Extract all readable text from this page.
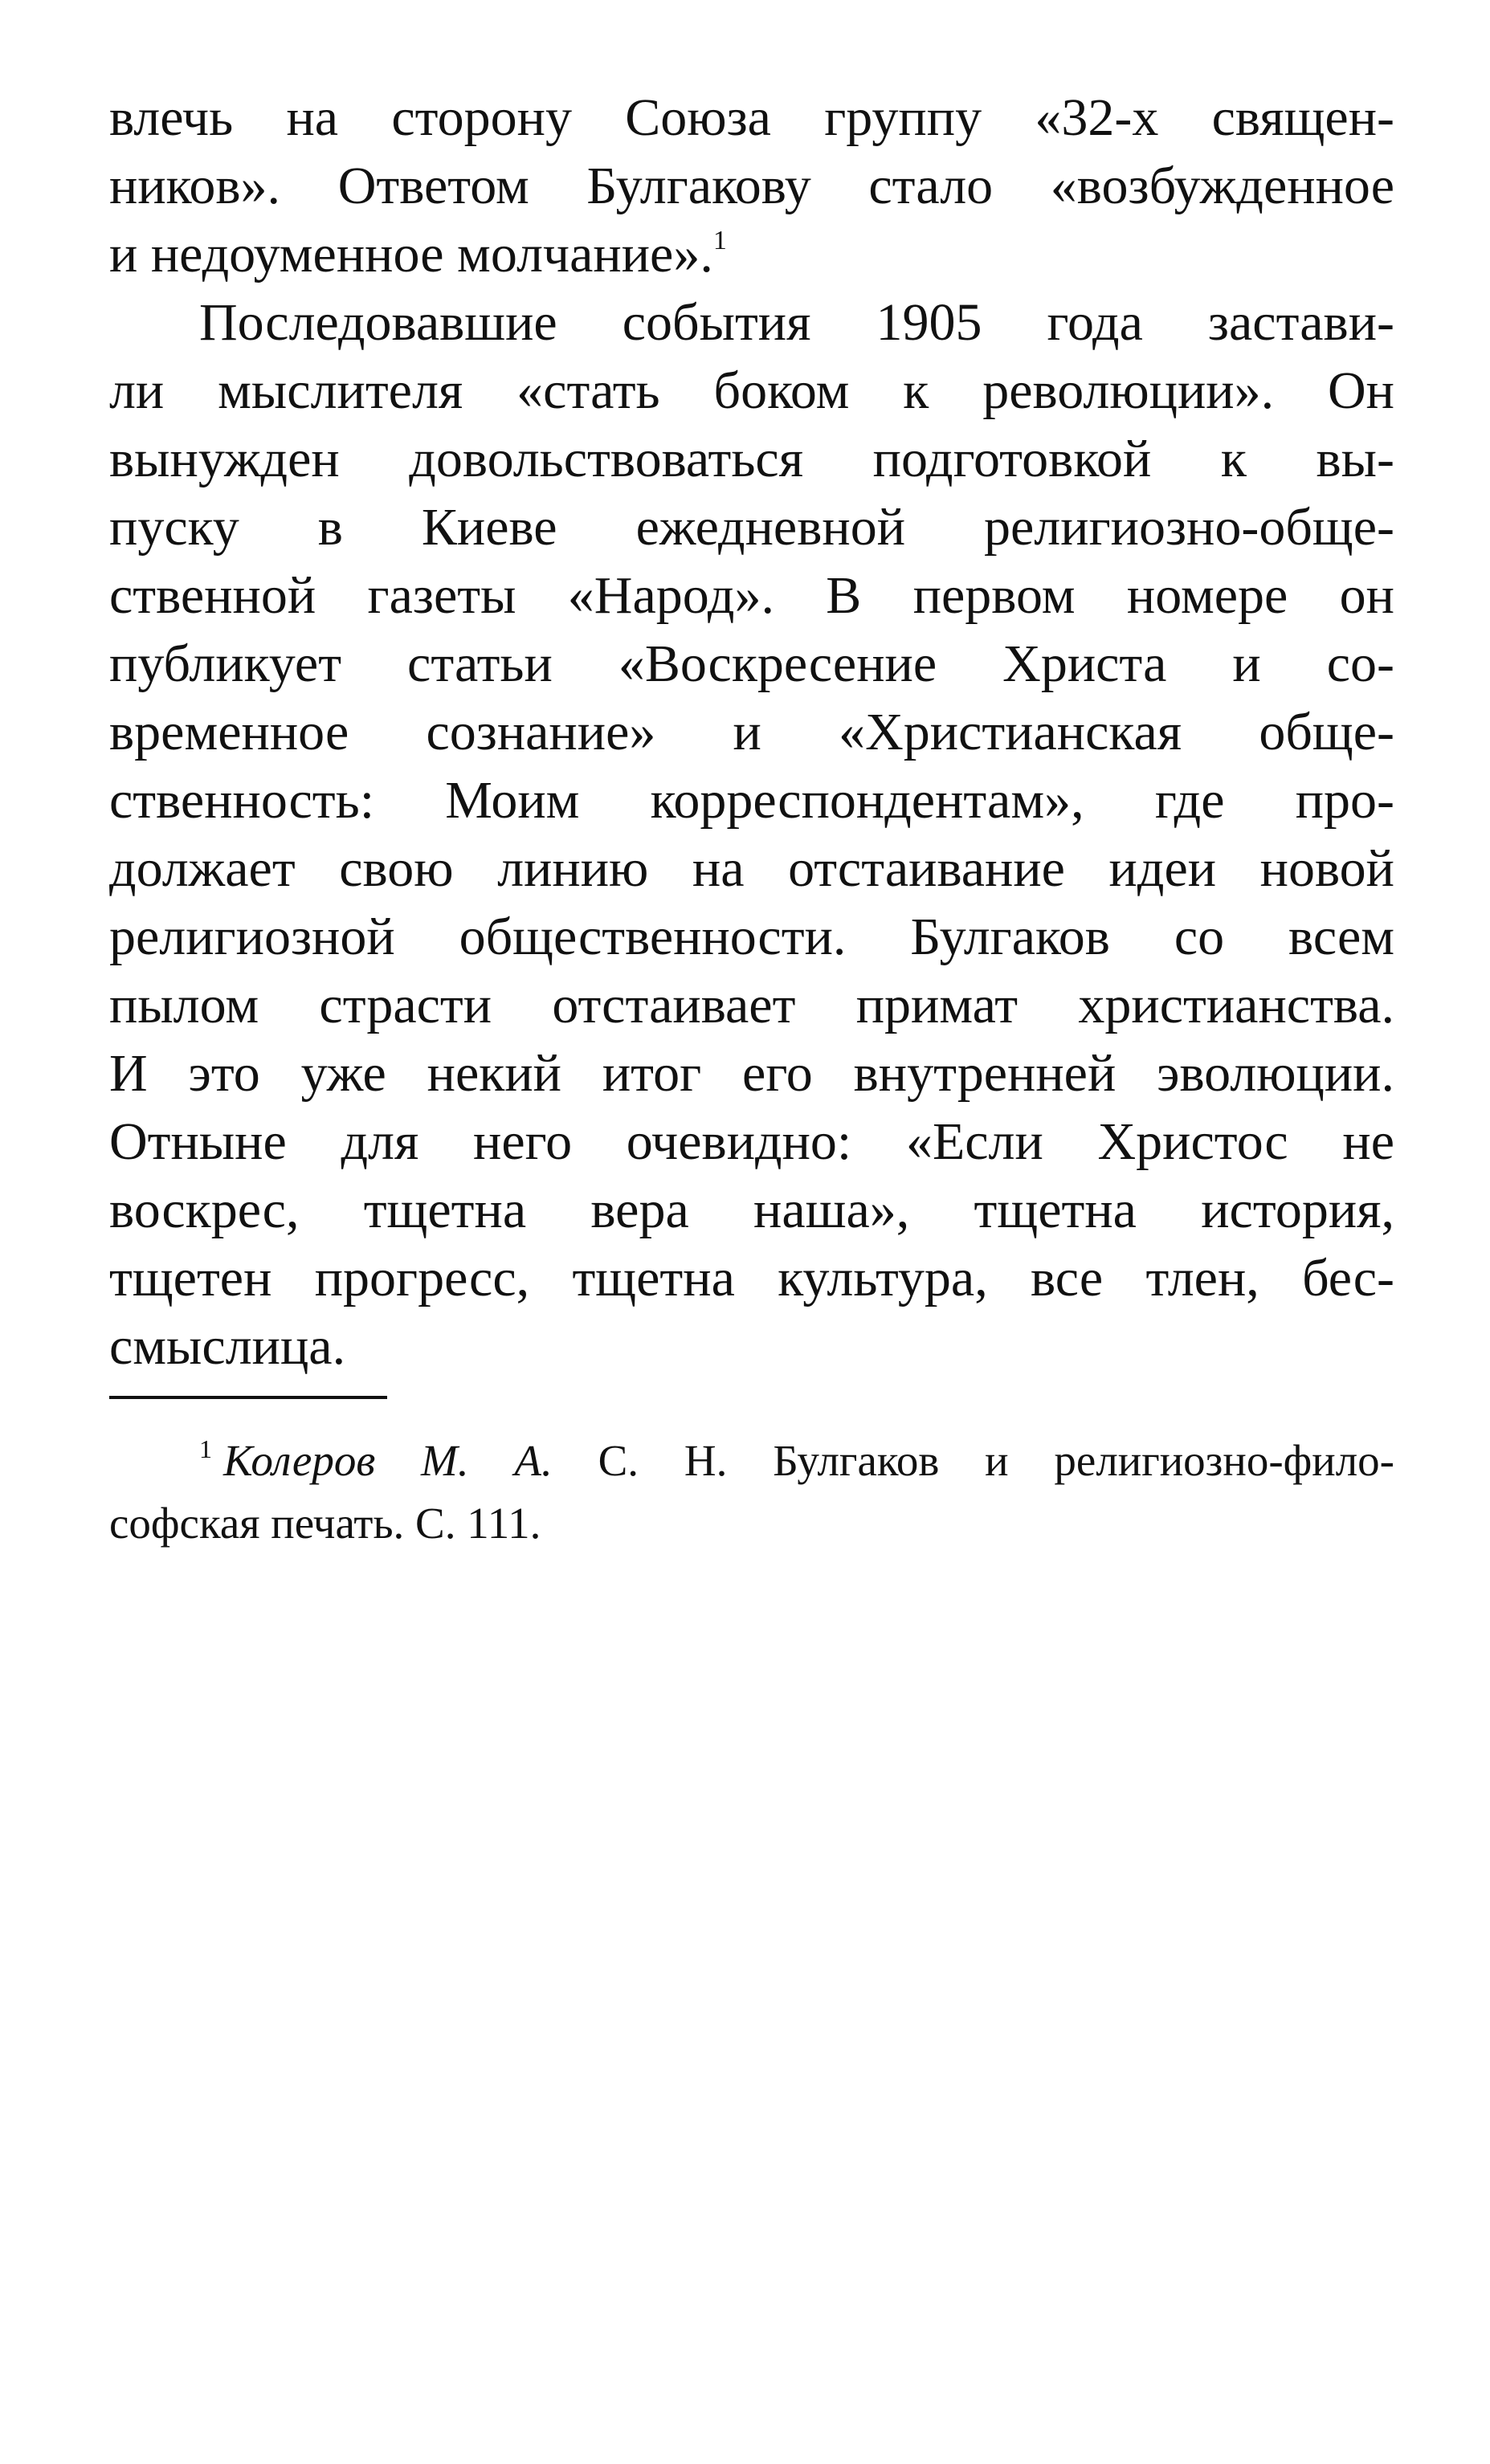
влечь на сторону Союза группу «32-х священ-
ников». Ответом Булгакову стало «возбужденное
и недоуменное молчание».$^1$
Последовавшие события 1905 года застави-
ли мыслителя «стать боком к революции». Он
вынужден довольствоваться подготовкой к вы-
пуску в Киеве ежедневной религиозно-обще-
ственной газеты «Народ». В первом номере он
публикует статьи «Воскресение Христа и со-
временное сознание» и «Христианская обще-
ственность: Моим корреспондентам», где про-
должает свою линию на отстаивание идеи новой
религиозной общественности. Булгаков со всем
пылом страсти отстаивает примат христианства.
И это уже некий итог его внутренней эволюции.
Отныне для него очевидно: «Если Христос не
воскрес, тщетна вера наша», тщетна история,
тщетен прогресс, тщетна культура, все тлен, бес-
смыслица.
$^1$ Колеров М. А. С. Н. Булгаков и религиозно-фило-
софская печать. С. 111.
